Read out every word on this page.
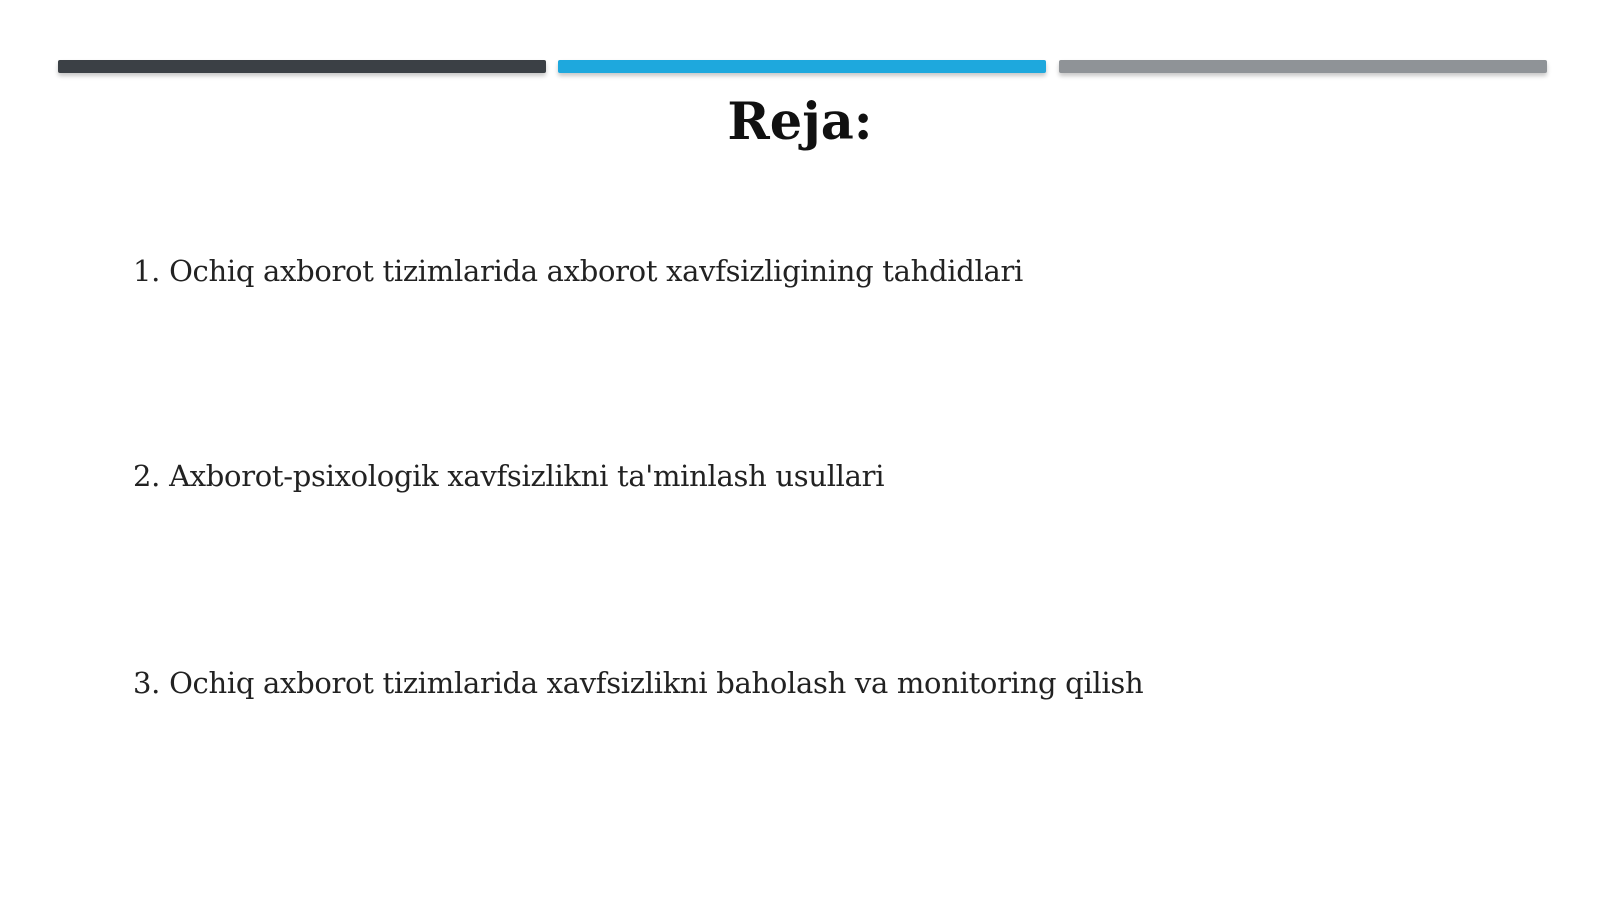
Reja:
1. Ochiq axborot tizimlarida axborot xavfsizligining tahdidlari
2. Axborot-psixologik xavfsizlikni ta'minlash usullari
3. Ochiq axborot tizimlarida xavfsizlikni baholash va monitoring qilish
